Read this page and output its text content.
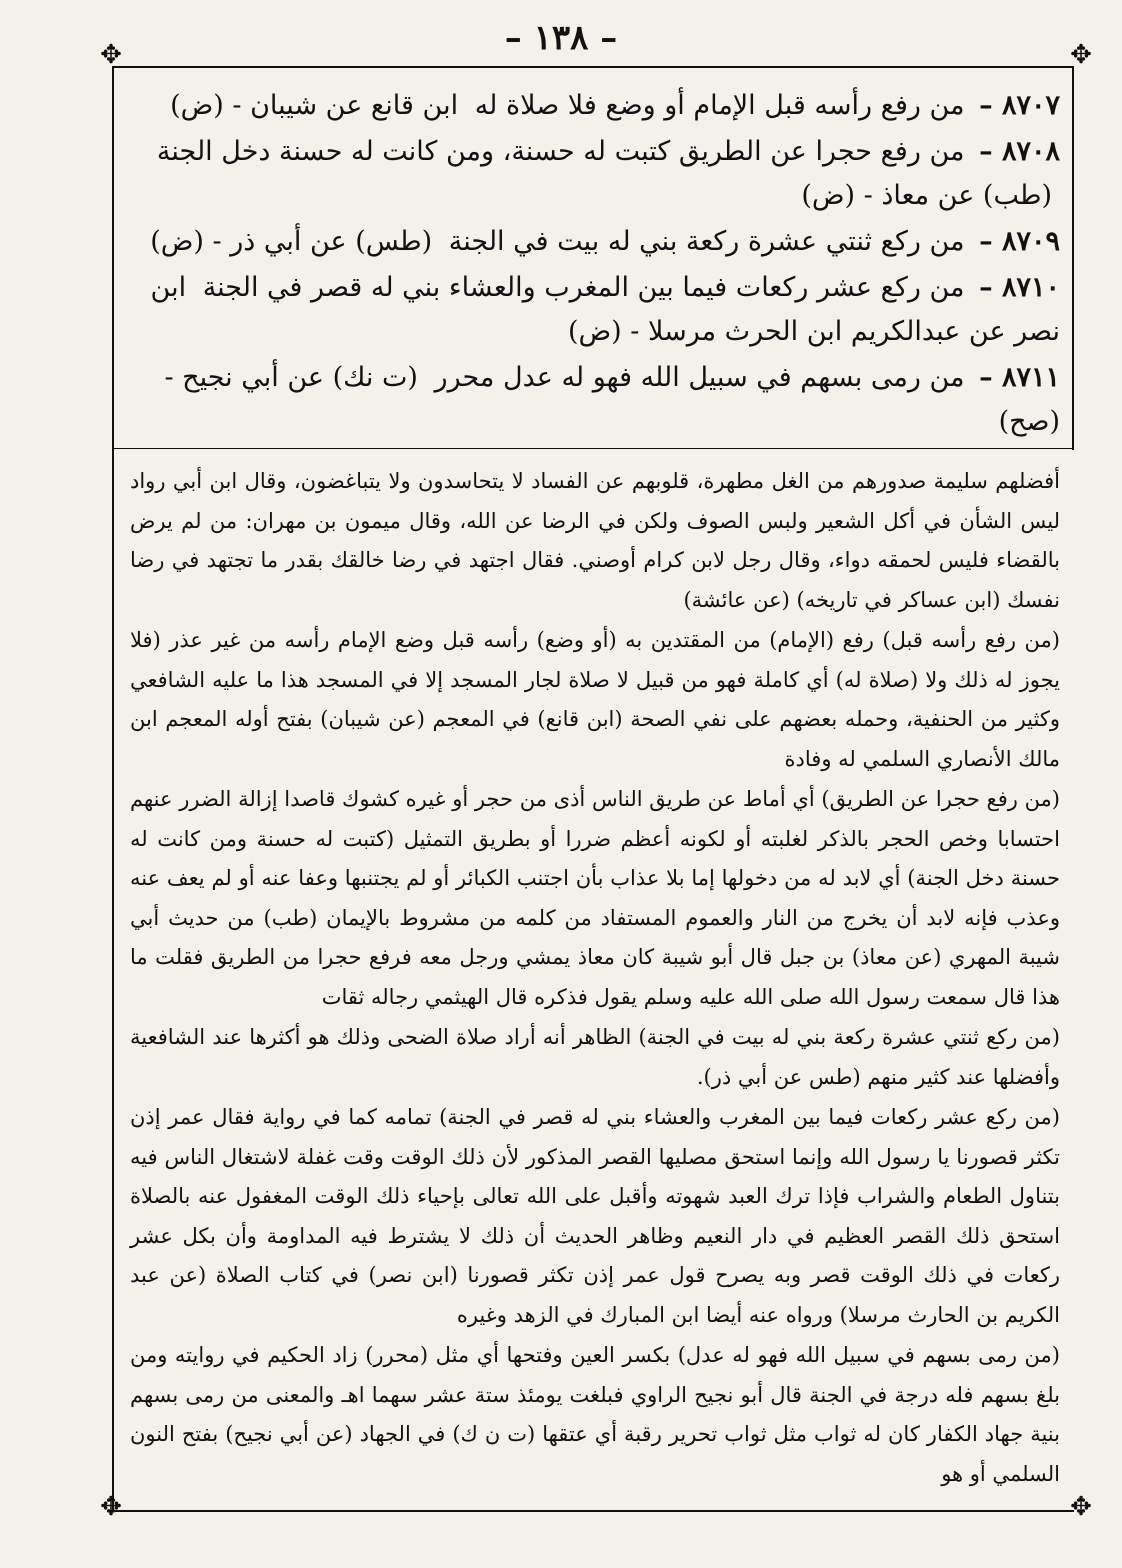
– ١٣٨ –
✥	✥
✥	✥

٨٧٠٧ – من رفع رأسه قبل الإمام أو وضع فلا صلاة له ابن قانع عن شيبان - (ض)

٨٧٠٨ – من رفع حجرا عن الطريق كتبت له حسنة، ومن كانت له حسنة دخل الجنة (طب) عن معاذ - (ض)

٨٧٠٩ – من ركع ثنتي عشرة ركعة بني له بيت في الجنة (طس) عن أبي ذر - (ض)

٨٧١٠ – من ركع عشر ركعات فيما بين المغرب والعشاء بني له قصر في الجنة ابن نصر عن عبدالكريم ابن الحرث مرسلا - (ض)

٨٧١١ – من رمى بسهم في سبيل الله فهو له عدل محرر (ت نك) عن أبي نجيح - (صح)

أفضلهم سليمة صدورهم من الغل مطهرة، قلوبهم عن الفساد لا يتحاسدون ولا يتباغضون، وقال ابن أبي رواد ليس الشأن في أكل الشعير ولبس الصوف ولكن في الرضا عن الله، وقال ميمون بن مهران: من لم يرض بالقضاء فليس لحمقه دواء، وقال رجل لابن كرام أوصني. فقال اجتهد في رضا خالقك بقدر ما تجتهد في رضا نفسك (ابن عساكر في تاريخه) (عن عائشة)

(من رفع رأسه قبل) رفع (الإمام) من المقتدين به (أو وضع) رأسه قبل وضع الإمام رأسه من غير عذر (فلا يجوز له ذلك ولا (صلاة له) أي كاملة فهو من قبيل لا صلاة لجار المسجد إلا في المسجد هذا ما عليه الشافعي وكثير من الحنفية، وحمله بعضهم على نفي الصحة (ابن قانع) في المعجم (عن شيبان) بفتح أوله المعجم ابن مالك الأنصاري السلمي له وفادة

(من رفع حجرا عن الطريق) أي أماط عن طريق الناس أذى من حجر أو غيره كشوك قاصدا إزالة الضرر عنهم احتسابا وخص الحجر بالذكر لغلبته أو لكونه أعظم ضررا أو بطريق التمثيل (كتبت له حسنة ومن كانت له حسنة دخل الجنة) أي لابد له من دخولها إما بلا عذاب بأن اجتنب الكبائر أو لم يجتنبها وعفا عنه أو لم يعف عنه وعذب فإنه لابد أن يخرج من النار والعموم المستفاد من كلمه من مشروط بالإيمان (طب) من حديث أبي شيبة المهري (عن معاذ) بن جبل قال أبو شيبة كان معاذ يمشي ورجل معه فرفع حجرا من الطريق فقلت ما هذا قال سمعت رسول الله صلى الله عليه وسلم يقول فذكره قال الهيثمي رجاله ثقات

(من ركع ثنتي عشرة ركعة بني له بيت في الجنة) الظاهر أنه أراد صلاة الضحى وذلك هو أكثرها عند الشافعية وأفضلها عند كثير منهم (طس عن أبي ذر).

(من ركع عشر ركعات فيما بين المغرب والعشاء بني له قصر في الجنة) تمامه كما في رواية فقال عمر إذن تكثر قصورنا يا رسول الله وإنما استحق مصليها القصر المذكور لأن ذلك الوقت وقت غفلة لاشتغال الناس فيه بتناول الطعام والشراب فإذا ترك العبد شهوته وأقبل على الله تعالى بإحياء ذلك الوقت المغفول عنه بالصلاة استحق ذلك القصر العظيم في دار النعيم وظاهر الحديث أن ذلك لا يشترط فيه المداومة وأن بكل عشر ركعات في ذلك الوقت قصر وبه يصرح قول عمر إذن تكثر قصورنا (ابن نصر) في كتاب الصلاة (عن عبد الكريم بن الحارث مرسلا) ورواه عنه أيضا ابن المبارك في الزهد وغيره

(من رمى بسهم في سبيل الله فهو له عدل) بكسر العين وفتحها أي مثل (محرر) زاد الحكيم في روايته ومن بلغ بسهم فله درجة في الجنة قال أبو نجيح الراوي فبلغت يومئذ ستة عشر سهما اهـ والمعنى من رمى بسهم بنية جهاد الكفار كان له ثواب مثل ثواب تحرير رقبة أي عتقها (ت ن ك) في الجهاد (عن أبي نجيح) بفتح النون السلمي أو هو
